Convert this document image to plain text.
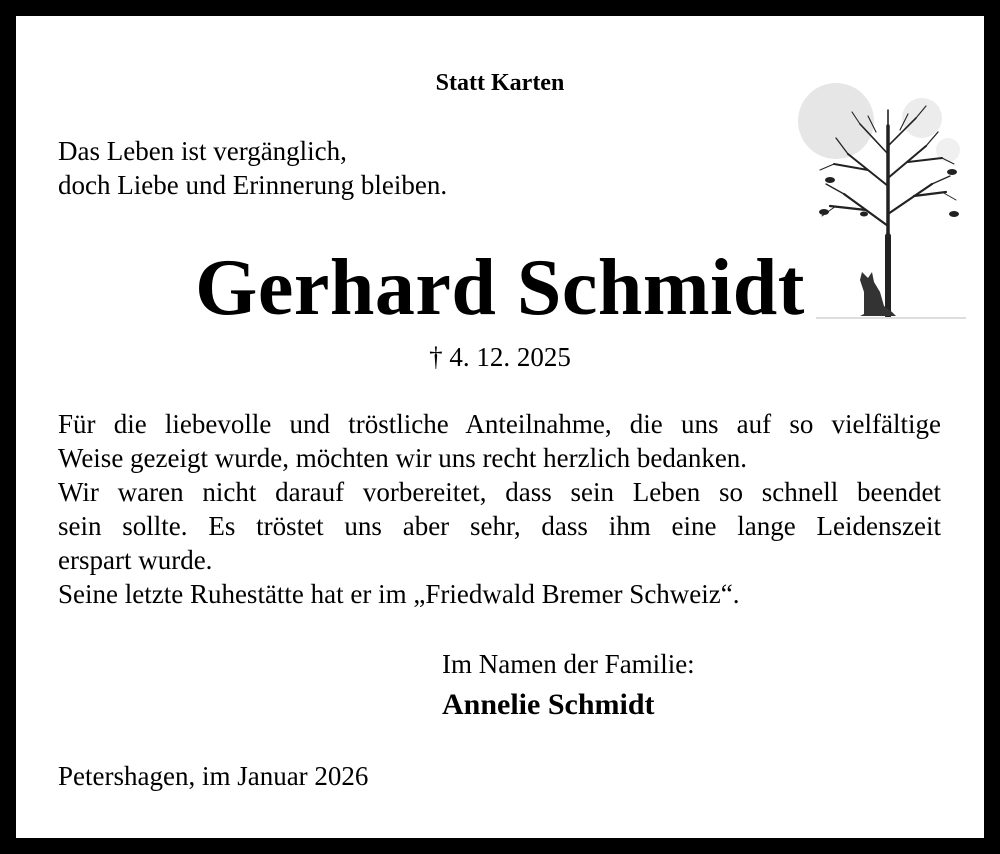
Statt Karten

Das Leben ist vergänglich,
doch Liebe und Erinnerung bleiben.

Gerhard Schmidt

† 4. 12. 2025

Für die liebevolle und tröstliche Anteilnahme, die uns auf so vielfältige

Weise gezeigt wurde, möchten wir uns recht herzlich bedanken.

Wir waren nicht darauf vorbereitet, dass sein Leben so schnell beendet

sein sollte. Es tröstet uns aber sehr, dass ihm eine lange Leidenszeit

erspart wurde.

Seine letzte Ruhestätte hat er im „Friedwald Bremer Schweiz“.

Im Namen der Familie:

Annelie Schmidt

Petershagen, im Januar 2026
